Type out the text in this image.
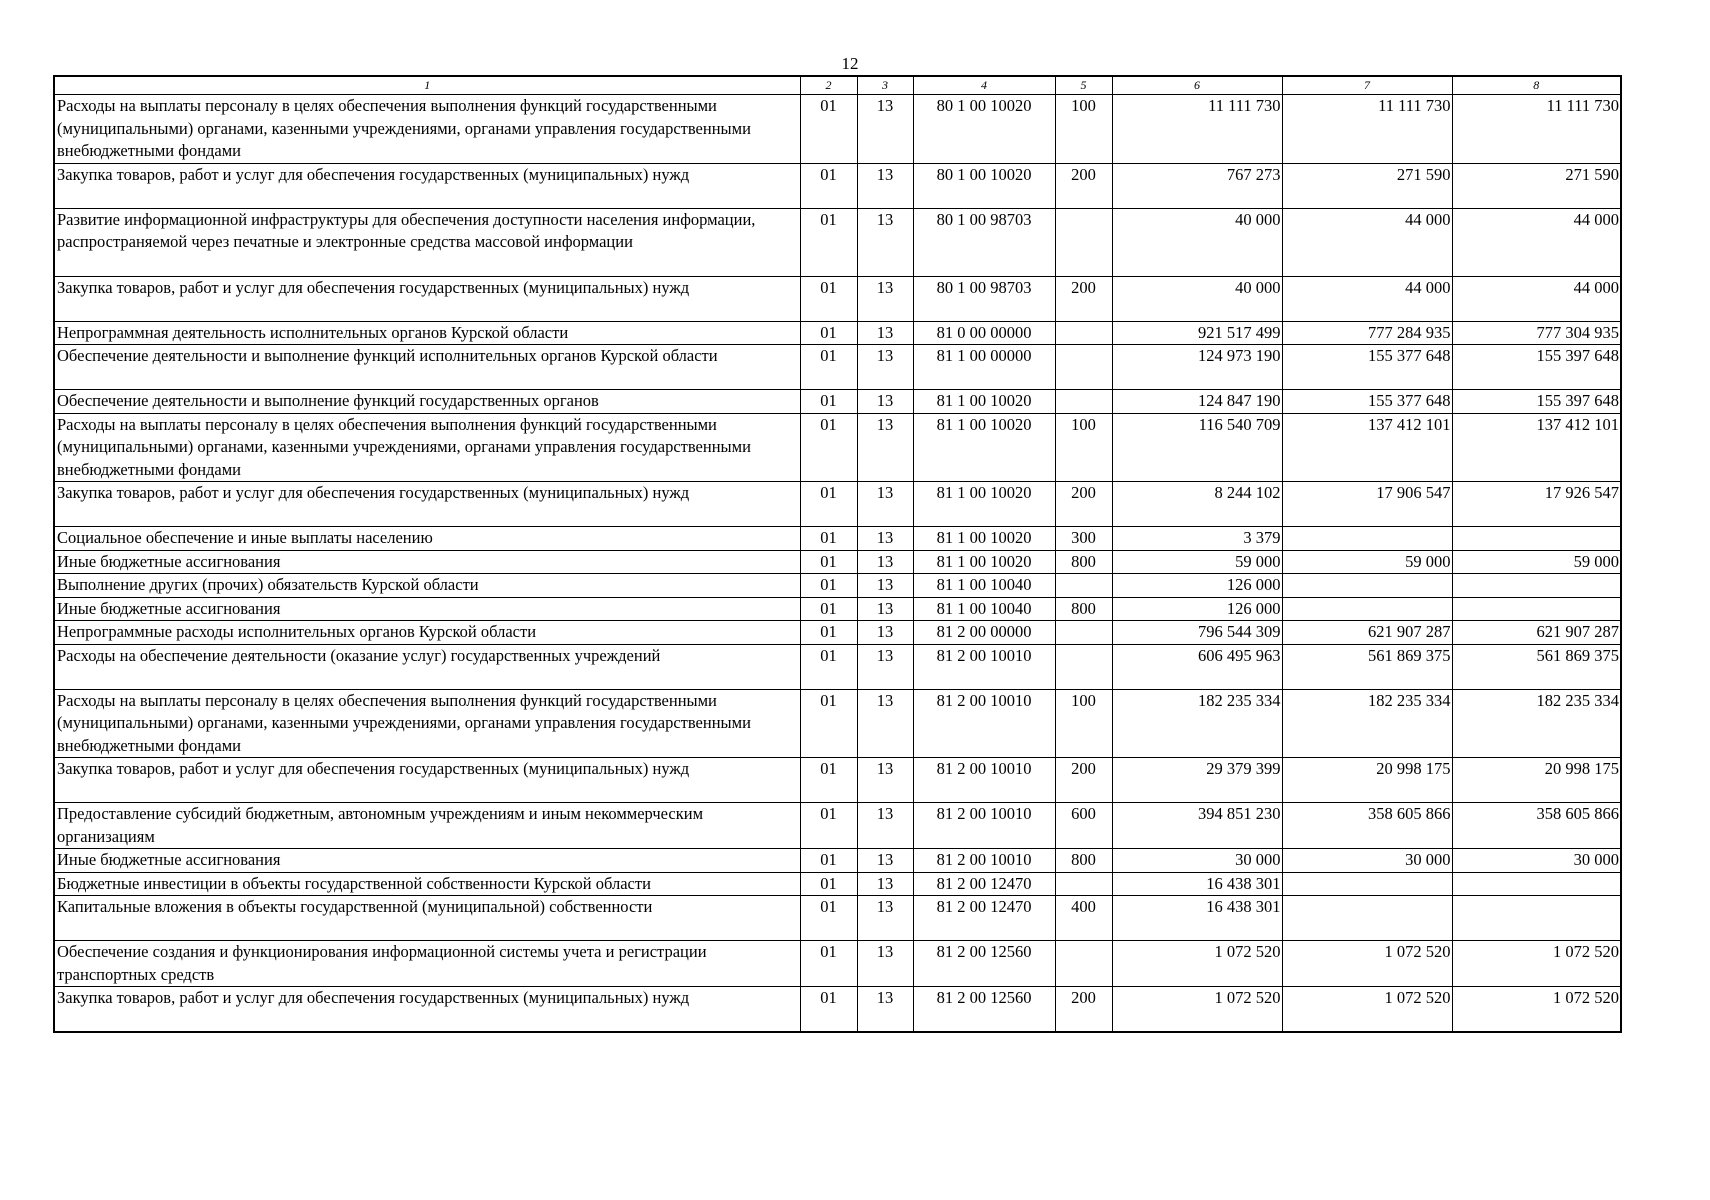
12
1	2	3	4	5	6	7	8
Расходы на выплаты персоналу в целях обеспечения выполнения функций государственными (муниципальными) органами, казенными учреждениями, органами управления государственными внебюджетными фондами	01	13	80 1 00 10020	100	11 111 730	11 111 730	11 111 730
Закупка товаров, работ и услуг для обеспечения государственных (муниципальных) нужд	01	13	80 1 00 10020	200	767 273	271 590	271 590
Развитие информационной инфраструктуры для обеспечения доступности населения информации, распространяемой через печатные и электронные средства массовой информации	01	13	80 1 00 98703		40 000	44 000	44 000
Закупка товаров, работ и услуг для обеспечения государственных (муниципальных) нужд	01	13	80 1 00 98703	200	40 000	44 000	44 000
Непрограммная деятельность исполнительных органов Курской области	01	13	81 0 00 00000		921 517 499	777 284 935	777 304 935
Обеспечение деятельности и выполнение функций исполнительных органов Курской области	01	13	81 1 00 00000		124 973 190	155 377 648	155 397 648
Обеспечение деятельности и выполнение функций государственных органов	01	13	81 1 00 10020		124 847 190	155 377 648	155 397 648
Расходы на выплаты персоналу в целях обеспечения выполнения функций государственными (муниципальными) органами, казенными учреждениями, органами управления государственными внебюджетными фондами	01	13	81 1 00 10020	100	116 540 709	137 412 101	137 412 101
Закупка товаров, работ и услуг для обеспечения государственных (муниципальных) нужд	01	13	81 1 00 10020	200	8 244 102	17 906 547	17 926 547
Социальное обеспечение и иные выплаты населению	01	13	81 1 00 10020	300	3 379		
Иные бюджетные ассигнования	01	13	81 1 00 10020	800	59 000	59 000	59 000
Выполнение других (прочих) обязательств Курской области	01	13	81 1 00 10040		126 000		
Иные бюджетные ассигнования	01	13	81 1 00 10040	800	126 000		
Непрограммные расходы исполнительных органов Курской области	01	13	81 2 00 00000		796 544 309	621 907 287	621 907 287
Расходы на обеспечение деятельности (оказание услуг) государственных учреждений	01	13	81 2 00 10010		606 495 963	561 869 375	561 869 375
Расходы на выплаты персоналу в целях обеспечения выполнения функций государственными (муниципальными) органами, казенными учреждениями, органами управления государственными внебюджетными фондами	01	13	81 2 00 10010	100	182 235 334	182 235 334	182 235 334
Закупка товаров, работ и услуг для обеспечения государственных (муниципальных) нужд	01	13	81 2 00 10010	200	29 379 399	20 998 175	20 998 175
Предоставление субсидий бюджетным, автономным учреждениям и иным некоммерческим организациям	01	13	81 2 00 10010	600	394 851 230	358 605 866	358 605 866
Иные бюджетные ассигнования	01	13	81 2 00 10010	800	30 000	30 000	30 000
Бюджетные инвестиции в объекты государственной собственности Курской области	01	13	81 2 00 12470		16 438 301		
Капитальные вложения в объекты государственной (муниципальной) собственности	01	13	81 2 00 12470	400	16 438 301		
Обеспечение создания и функционирования информационной системы учета и регистрации транспортных средств	01	13	81 2 00 12560		1 072 520	1 072 520	1 072 520
Закупка товаров, работ и услуг для обеспечения государственных (муниципальных) нужд	01	13	81 2 00 12560	200	1 072 520	1 072 520	1 072 520
